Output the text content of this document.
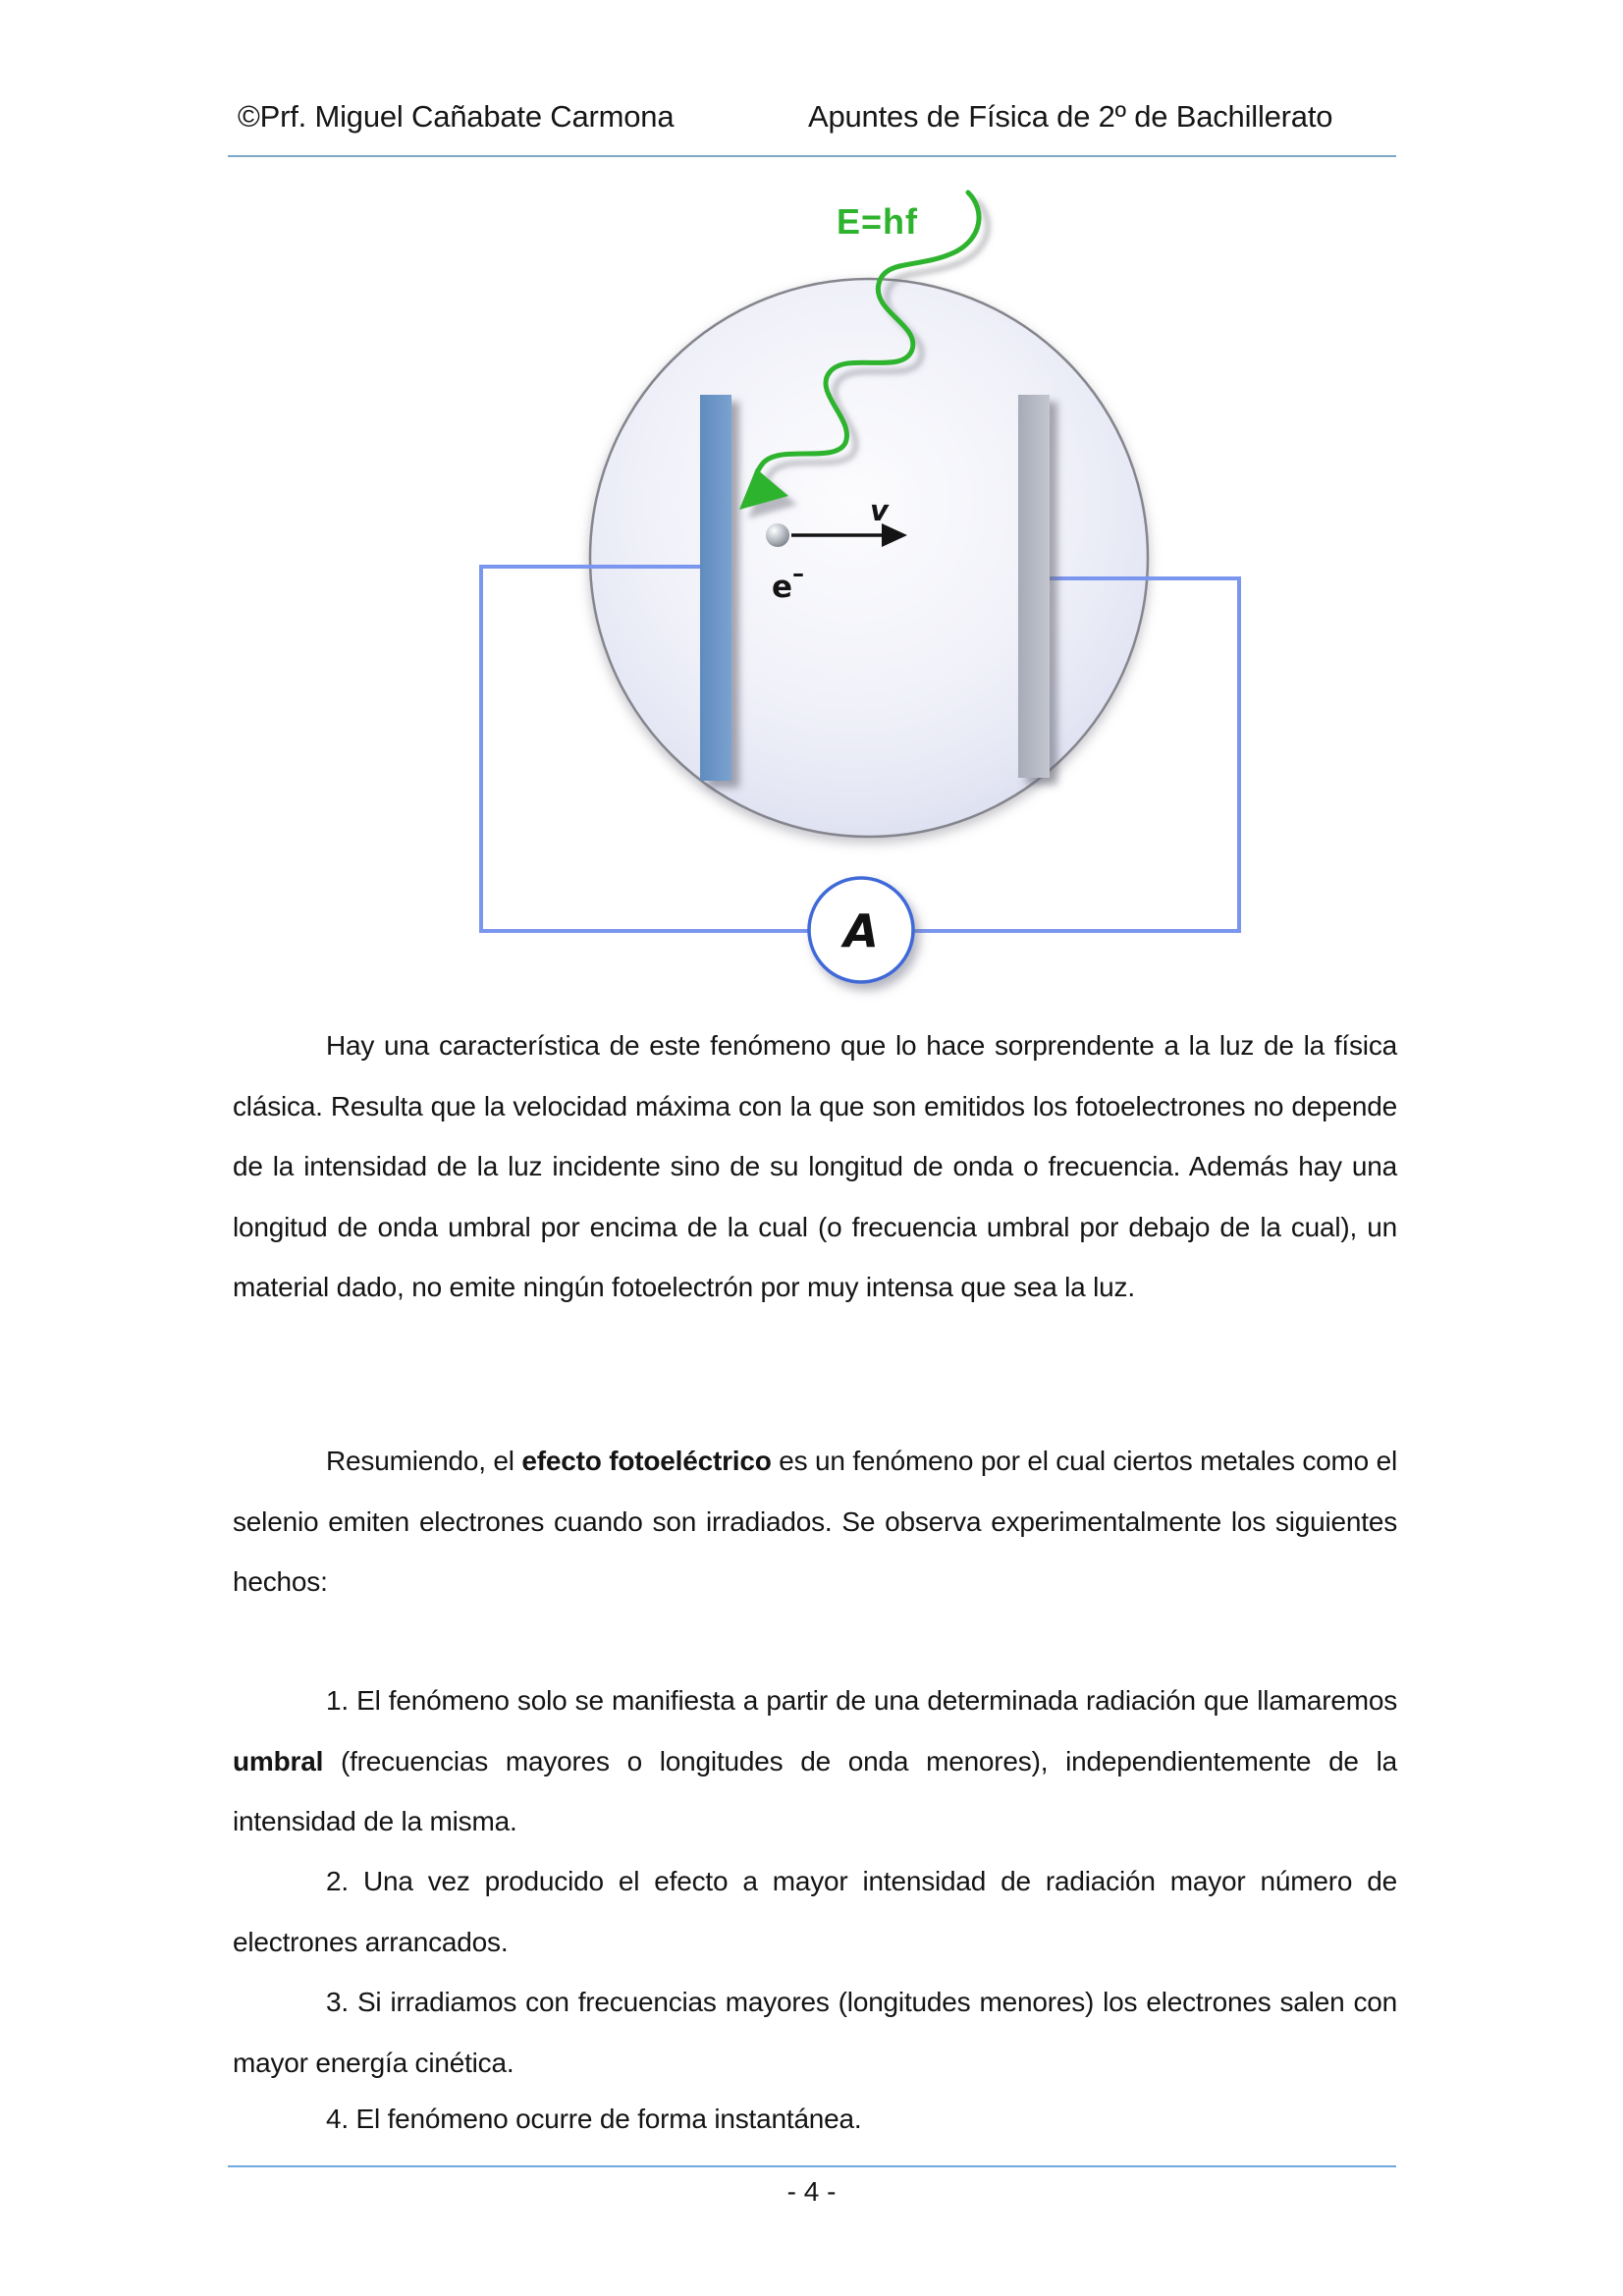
©Prf. Miguel Cañabate Carmona	Apuntes de Física de 2º de Bachillerato
E=hf
v
e–
A
Hay una característica de este fenómeno que lo hace sorprendente a la luz de la física clásica. Resulta que la velocidad máxima con la que son emitidos los fotoelectrones no depende de la intensidad de la luz incidente sino de su longitud de onda o frecuencia. Además hay una longitud de onda umbral por encima de la cual (o frecuencia umbral por debajo de la cual), un material dado, no emite ningún fotoelectrón por muy intensa que sea la luz.
Resumiendo, el efecto fotoeléctrico es un fenómeno por el cual ciertos metales como el selenio emiten electrones cuando son irradiados. Se observa experimentalmente los siguientes hechos:
1. El fenómeno solo se manifiesta a partir de una determinada radiación que llamaremos umbral (frecuencias mayores o longitudes de onda menores), independientemente de la intensidad de la misma.
2. Una vez producido el efecto a mayor intensidad de radiación mayor número de electrones arrancados.
3. Si irradiamos con frecuencias mayores (longitudes menores) los electrones salen con mayor energía cinética.
4. El fenómeno ocurre de forma instantánea.
- 4 -
